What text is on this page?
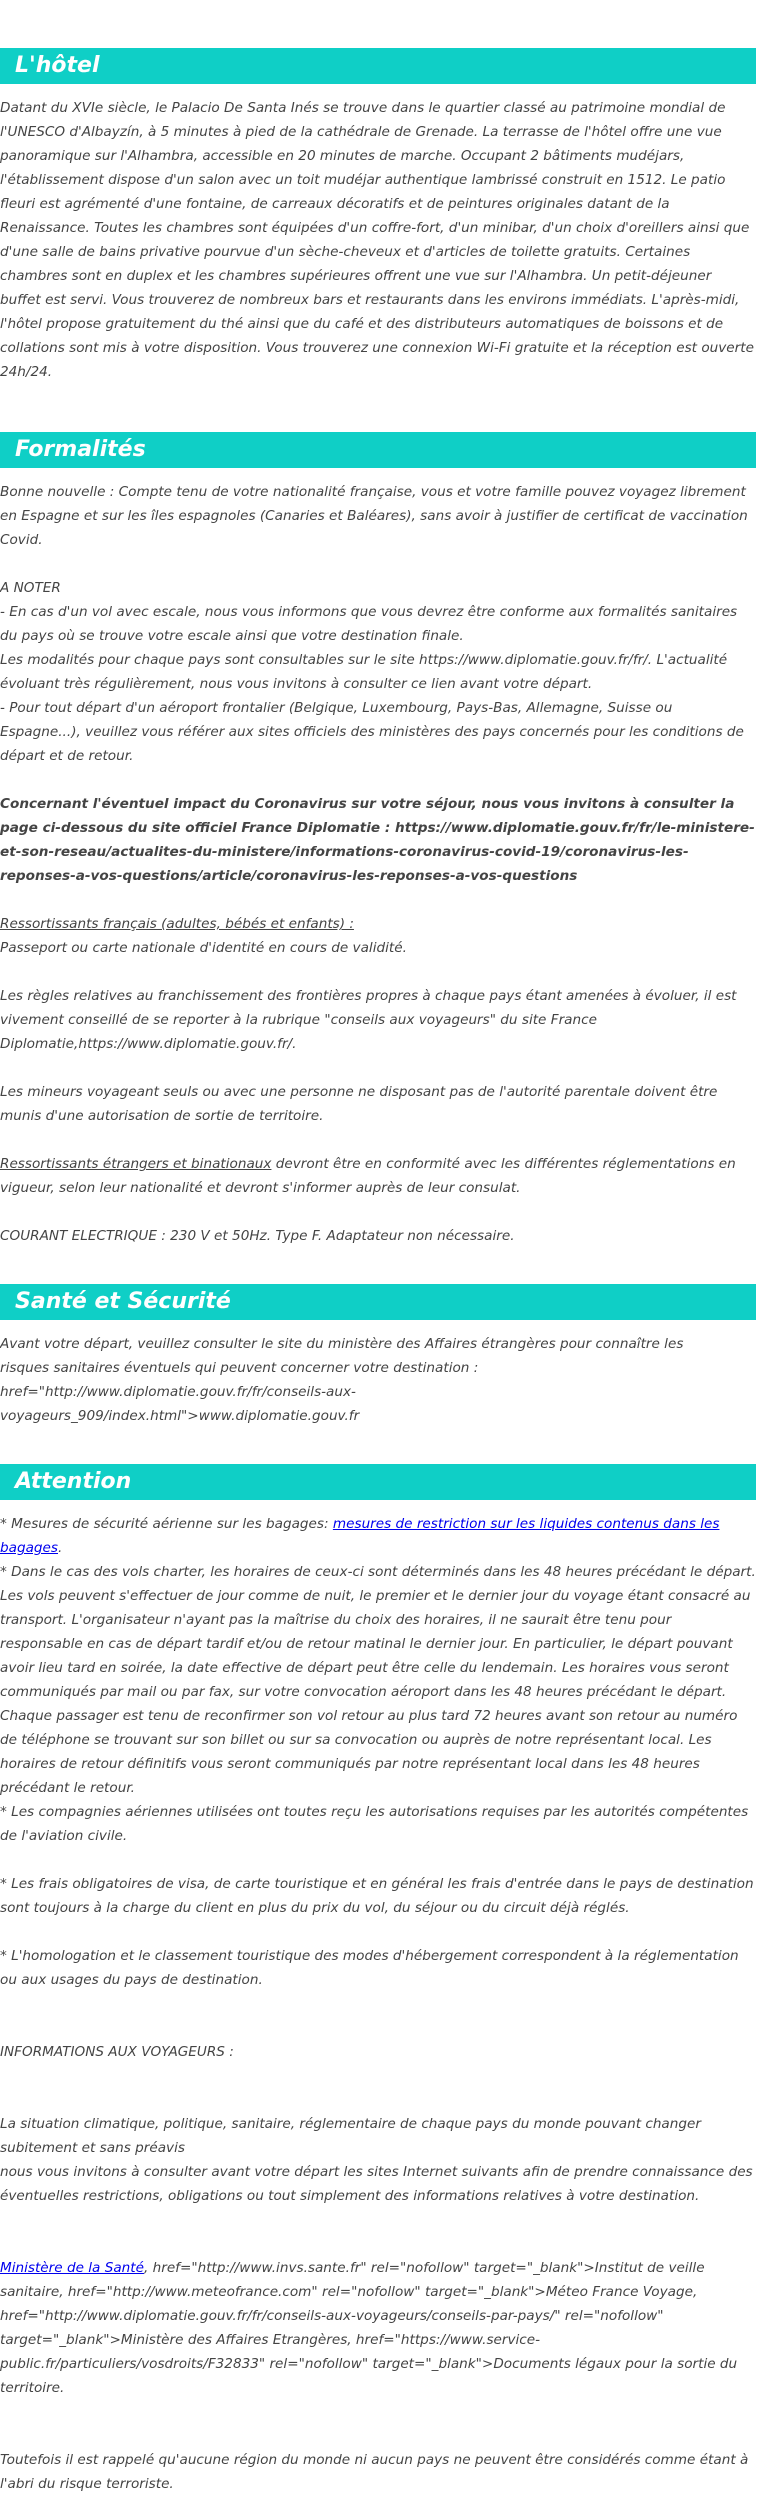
L'hôtel

Datant du XVIe siècle, le Palacio De Santa Inés se trouve dans le quartier classé au patrimoine mondial de l'UNESCO d'Albayzín, à 5 minutes à pied de la cathédrale de Grenade. La terrasse de l'hôtel offre une vue panoramique sur l'Alhambra, accessible en 20 minutes de marche. Occupant 2 bâtiments mudéjars, l'établissement dispose d'un salon avec un toit mudéjar authentique lambrissé construit en 1512. Le patio fleuri est agrémenté d'une fontaine, de carreaux décoratifs et de peintures originales datant de la Renaissance. Toutes les chambres sont équipées d'un coffre-fort, d'un minibar, d'un choix d'oreillers ainsi que d'une salle de bains privative pourvue d'un sèche-cheveux et d'articles de toilette gratuits. Certaines chambres sont en duplex et les chambres supérieures offrent une vue sur l'Alhambra. Un petit-déjeuner buffet est servi. Vous trouverez de nombreux bars et restaurants dans les environs immédiats. L'après-midi, l'hôtel propose gratuitement du thé ainsi que du café et des distributeurs automatiques de boissons et de collations sont mis à votre disposition. Vous trouverez une connexion Wi-Fi gratuite et la réception est ouverte 24h/24.

Formalités

Bonne nouvelle : Compte tenu de votre nationalité française, vous et votre famille pouvez voyagez librement en Espagne et sur les îles espagnoles (Canaries et Baléares), sans avoir à justifier de certificat de vaccination Covid.

A NOTER

- En cas d'un vol avec escale, nous vous informons que vous devrez être conforme aux formalités sanitaires du pays où se trouve votre escale ainsi que votre destination finale.

Les modalités pour chaque pays sont consultables sur le site https://www.diplomatie.gouv.fr/fr/. L'actualité évoluant très régulièrement, nous vous invitons à consulter ce lien avant votre départ.

- Pour tout départ d'un aéroport frontalier (Belgique, Luxembourg, Pays-Bas, Allemagne, Suisse ou Espagne...), veuillez vous référer aux sites officiels des ministères des pays concernés pour les conditions de départ et de retour.

Concernant l'éventuel impact du Coronavirus sur votre séjour, nous vous invitons à consulter la page ci-dessous du site officiel France Diplomatie : https://www.diplomatie.gouv.fr/fr/le-ministere-et-son-reseau/actualites-du-ministere/informations-coronavirus-covid-19/coronavirus-les-reponses-a-vos-questions/article/coronavirus-les-reponses-a-vos-questions

Ressortissants français (adultes, bébés et enfants) :

Passeport ou carte nationale d'identité en cours de validité.

Les règles relatives au franchissement des frontières propres à chaque pays étant amenées à évoluer, il est vivement conseillé de se reporter à la rubrique "conseils aux voyageurs" du site France Diplomatie,https://www.diplomatie.gouv.fr/.

Les mineurs voyageant seuls ou avec une personne ne disposant pas de l'autorité parentale doivent être munis d'une autorisation de sortie de territoire.

Ressortissants étrangers et binationaux devront être en conformité avec les différentes réglementations en vigueur, selon leur nationalité et devront s'informer auprès de leur consulat.

COURANT ELECTRIQUE : 230 V et 50Hz. Type F. Adaptateur non nécessaire.

Santé et Sécurité

Avant votre départ, veuillez consulter le site du ministère des Affaires étrangères pour connaître les risques sanitaires éventuels qui peuvent concerner votre destination : href="http://www.diplomatie.gouv.fr/fr/conseils-aux-voyageurs_909/index.html">www.diplomatie.gouv.fr

Attention

* Mesures de sécurité aérienne sur les bagages: mesures de restriction sur les liquides contenus dans les bagages.

* Dans le cas des vols charter, les horaires de ceux-ci sont déterminés dans les 48 heures précédant le départ. Les vols peuvent s'effectuer de jour comme de nuit, le premier et le dernier jour du voyage étant consacré au transport. L'organisateur n'ayant pas la maîtrise du choix des horaires, il ne saurait être tenu pour responsable en cas de départ tardif et/ou de retour matinal le dernier jour. En particulier, le départ pouvant avoir lieu tard en soirée, la date effective de départ peut être celle du lendemain. Les horaires vous seront communiqués par mail ou par fax, sur votre convocation aéroport dans les 48 heures précédant le départ. Chaque passager est tenu de reconfirmer son vol retour au plus tard 72 heures avant son retour au numéro de téléphone se trouvant sur son billet ou sur sa convocation ou auprès de notre représentant local. Les horaires de retour définitifs vous seront communiqués par notre représentant local dans les 48 heures précédant le retour.

* Les compagnies aériennes utilisées ont toutes reçu les autorisations requises par les autorités compétentes de l'aviation civile.

* Les frais obligatoires de visa, de carte touristique et en général les frais d'entrée dans le pays de destination sont toujours à la charge du client en plus du prix du vol, du séjour ou du circuit déjà réglés.

* L'homologation et le classement touristique des modes d'hébergement correspondent à la réglementation ou aux usages du pays de destination.

INFORMATIONS AUX VOYAGEURS :

La situation climatique, politique, sanitaire, réglementaire de chaque pays du monde pouvant changer subitement et sans préavis

nous vous invitons à consulter avant votre départ les sites Internet suivants afin de prendre connaissance des éventuelles restrictions, obligations ou tout simplement des informations relatives à votre destination.

Ministère de la Santé, href="http://www.invs.sante.fr" rel="nofollow" target="_blank">Institut de veille sanitaire, href="http://www.meteofrance.com" rel="nofollow" target="_blank">Méteo France Voyage, href="http://www.diplomatie.gouv.fr/fr/conseils-aux-voyageurs/conseils-par-pays/" rel="nofollow" target="_blank">Ministère des Affaires Etrangères, href="https://www.service-public.fr/particuliers/vosdroits/F32833" rel="nofollow" target="_blank">Documents légaux pour la sortie du territoire.

Toutefois il est rappelé qu'aucune région du monde ni aucun pays ne peuvent être considérés comme étant à l'abri du risque terroriste.
